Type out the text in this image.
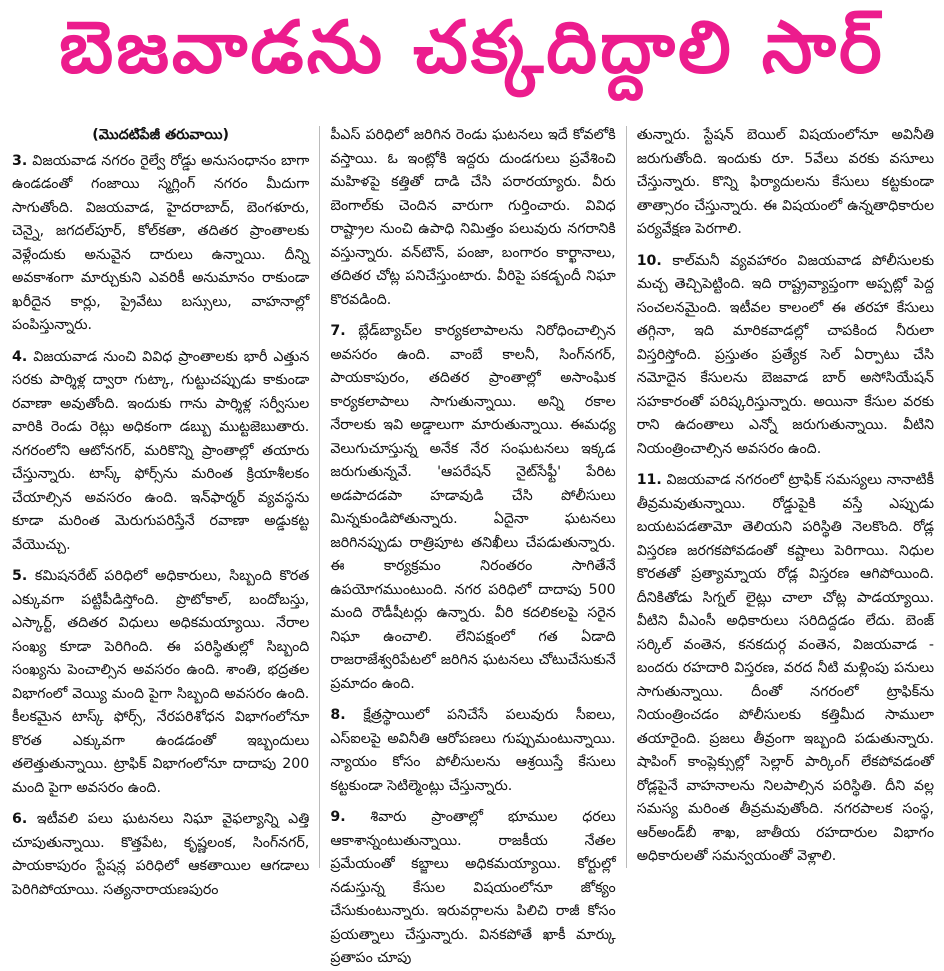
బెజవాడను చక్కదిద్దాలి సార్

(మొదటిపేజీ తరువాయి)

3. విజయవాడ నగరం రైల్వే రోడ్డు అనుసంధానం బాగా ఉండడంతో గంజాయి స్మగ్లింగ్ నగరం మీదుగా సాగుతోంది. విజయవాడ, హైదరాబాద్, బెంగళూరు, చెన్నై, జగదల్‌పూర్, కోల్‌కతా, తదితర ప్రాంతాలకు వెళ్లేందుకు అనువైన దారులు ఉన్నాయి. దీన్ని అవకాశంగా మార్చుకుని ఎవరికీ అనుమానం రాకుండా ఖరీదైన కార్లు, ప్రైవేటు బస్సులు, వాహనాల్లో పంపిస్తున్నారు.

4. విజయవాడ నుంచి వివిధ ప్రాంతాలకు భారీ ఎత్తున సరకు పార్శిళ్ల ద్వారా గుట్కా, గుట్టుచప్పుడు కాకుండా రవాణా అవుతోంది. ఇందుకు గాను పార్శిళ్ల సర్వీసుల వారికి రెండు రెట్లు అధికంగా డబ్బు ముట్టజెబుతారు. నగరంలోని ఆటోనగర్, మరికొన్ని ప్రాంతాల్లో తయారు చేస్తున్నారు. టాస్క్ ఫోర్స్‌ను మరింత క్రియాశీలకం చేయాల్సిన అవసరం ఉంది. ఇన్‌ఫార్మర్ వ్యవస్థను కూడా మరింత మెరుగుపరిస్తేనే రవాణా అడ్డుకట్ట వేయొచ్చు.

5. కమిషనరేట్ పరిధిలో అధికారులు, సిబ్బంది కొరత ఎక్కువగా పట్టిపీడిస్తోంది. ప్రొటోకాల్, బందోబస్తు, ఎస్కార్ట్, తదితర విధులు అధికమయ్యాయి. నేరాల సంఖ్య కూడా పెరిగింది. ఈ పరిస్థితుల్లో సిబ్బంది సంఖ్యను పెంచాల్సిన అవసరం ఉంది. శాంతి, భద్రతల విభాగంలో వెయ్యి మంది పైగా సిబ్బంది అవసరం ఉంది. కీలకమైన టాస్క్ ఫోర్స్, నేరపరిశోధన విభాగంలోనూ కొరత ఎక్కువగా ఉండడంతో ఇబ్బందులు తలెత్తుతున్నాయి. ట్రాఫిక్ విభాగంలోనూ దాదాపు 200 మంది పైగా అవసరం ఉంది.

6. ఇటీవలి పలు ఘటనలు నిఘా వైఫల్యాన్ని ఎత్తి చూపుతున్నాయి. కొత్తపేట, కృష్ణలంక, సింగ్‌నగర్, పాయకాపురం స్టేషన్ల పరిధిలో ఆకతాయిల ఆగడాలు పెరిగిపోయాయి. సత్యనారాయణపురం

పీఎస్ పరిధిలో జరిగిన రెండు ఘటనలు ఇదే కోవలోకి వస్తాయి. ఓ ఇంట్లోకి ఇద్దరు దుండగులు ప్రవేశించి మహిళపై కత్తితో దాడి చేసి పరారయ్యారు. వీరు బెంగాల్‌కు చెందిన వారుగా గుర్తించారు. వివిధ రాష్ట్రాల నుంచి ఉపాధి నిమిత్తం పలువురు నగరానికి వస్తున్నారు. వన్‌టౌన్, పంజా, బంగారం కార్ఖానాలు, తదితర చోట్ల పనిచేస్తుంటారు. వీరిపై పకడ్బందీ నిఘా కొరవడింది.

7. బ్లేడ్‌బ్యాచ్‌ల కార్యకలాపాలను నిరోధించాల్సిన అవసరం ఉంది. వాంబే కాలనీ, సింగ్‌నగర్, పాయకాపురం, తదితర ప్రాంతాల్లో అసాంఘిక కార్యకలాపాలు సాగుతున్నాయి. అన్ని రకాల నేరాలకు ఇవి అడ్డాలుగా మారుతున్నాయి. ఈమధ్య వెలుగుచూస్తున్న అనేక నేర సంఘటనలు ఇక్కడ జరుగుతున్నవే. 'ఆపరేషన్ నైట్‌సేఫ్టీ' పేరిట అడపాదడపా హడావుడి చేసి పోలీసులు మిన్నకుండిపోతున్నారు. ఏదైనా ఘటనలు జరిగినప్పుడు రాత్రిపూట తనిఖీలు చేపడుతున్నారు. ఈ కార్యక్రమం నిరంతరం సాగితేనే ఉపయోగముంటుంది. నగర పరిధిలో దాదాపు 500 మంది రౌడీషీటర్లు ఉన్నారు. వీరి కదలికలపై సరైన నిఘా ఉంచాలి. లేనిపక్షంలో గత ఏడాది రాజరాజేశ్వరిపేటలో జరిగిన ఘటనలు చోటుచేసుకునే ప్రమాదం ఉంది.

8. క్షేత్రస్థాయిలో పనిచేసే పలువురు సీఐలు, ఎస్ఐలపై అవినీతి ఆరోపణలు గుప్పుమంటున్నాయి. న్యాయం కోసం పోలీసులను ఆశ్రయిస్తే కేసులు కట్టకుండా సెటిల్మెంట్లు చేస్తున్నారు.

9. శివారు ప్రాంతాల్లో భూముల ధరలు ఆకాశాన్నంటుతున్నాయి. రాజకీయ నేతల ప్రమేయంతో కబ్జాలు అధికమయ్యాయి. కోర్టుల్లో నడుస్తున్న కేసుల విషయంలోనూ జోక్యం చేసుకుంటున్నారు. ఇరువర్గాలను పిలిచి రాజీ కోసం ప్రయత్నాలు చేస్తున్నారు. వినకపోతే ఖాకీ మార్కు ప్రతాపం చూపు

తున్నారు. స్టేషన్ బెయిల్ విషయంలోనూ అవినీతి జరుగుతోంది. ఇందుకు రూ. 5వేలు వరకు వసూలు చేస్తున్నారు. కొన్ని ఫిర్యాదులను కేసులు కట్టకుండా తాత్సారం చేస్తున్నారు. ఈ విషయంలో ఉన్నతాధికారుల పర్యవేక్షణ పెరగాలి.

10. కాల్‌మనీ వ్యవహారం విజయవాడ పోలీసులకు మచ్చ తెచ్చిపెట్టింది. ఇది రాష్ట్రవ్యాప్తంగా అప్పట్లో పెద్ద సంచలనమైంది. ఇటీవల కాలంలో ఈ తరహా కేసులు తగ్గినా, ఇది మారికవాడల్లో చాపకింద నీరులా విస్తరిస్తోంది. ప్రస్తుతం ప్రత్యేక సెల్ ఏర్పాటు చేసి నమోదైన కేసులను బెజవాడ బార్ అసోసియేషన్ సహకారంతో పరిష్కరిస్తున్నారు. అయినా కేసుల వరకు రాని ఉదంతాలు ఎన్నో జరుగుతున్నాయి. వీటిని నియంత్రించాల్సిన అవసరం ఉంది.

11. విజయవాడ నగరంలో ట్రాఫిక్ సమస్యలు నానాటికీ తీవ్రమవుతున్నాయి. రోడ్డుపైకి వస్తే ఎప్పుడు బయటపడతామో తెలియని పరిస్థితి నెలకొంది. రోడ్ల విస్తరణ జరగకపోవడంతో కష్టాలు పెరిగాయి. నిధుల కొరతతో ప్రత్యామ్నాయ రోడ్ల విస్తరణ ఆగిపోయింది. దీనికితోడు సిగ్నల్ లైట్లు చాలా చోట్ల పాడయ్యాయి. వీటిని వీఎంసీ అధికారులు సరిదిద్దడం లేదు. బెంజ్ సర్కిల్ వంతెన, కనకదుర్గ వంతెన, విజయవాడ - బందరు రహదారి విస్తరణ, వరద నీటి మళ్లింపు పనులు సాగుతున్నాయి. దీంతో నగరంలో ట్రాఫిక్‌ను నియంత్రించడం పోలీసులకు కత్తిమీద సాములా తయారైంది. ప్రజలు తీవ్రంగా ఇబ్బంది పడుతున్నారు. షాపింగ్ కాంప్లెక్సుల్లో సెల్లార్ పార్కింగ్ లేకపోవడంతో రోడ్లపైనే వాహనాలను నిలపాల్సిన పరిస్థితి. దీని వల్ల సమస్య మరింత తీవ్రమవుతోంది. నగరపాలక సంస్థ, ఆర్‌అండ్‌బీ శాఖ, జాతీయ రహదారుల విభాగం అధికారులతో సమన్వయంతో వెళ్లాలి.
